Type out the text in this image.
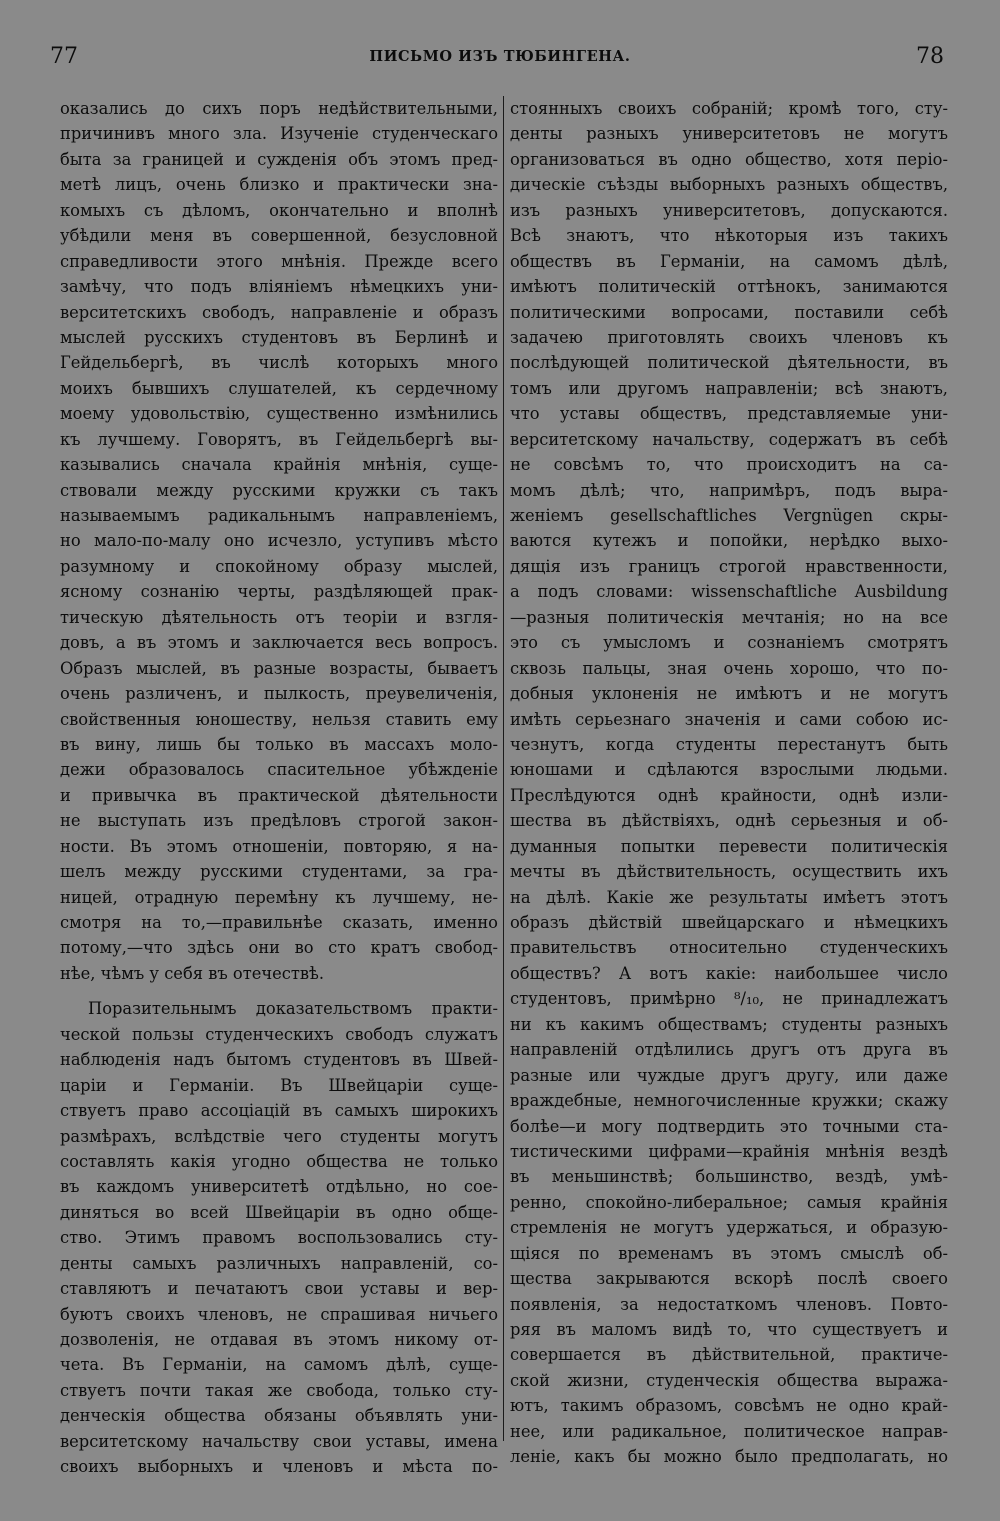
77	ПИСЬМО ИЗЪ ТЮБИНГЕНА.	78
оказались до сихъ поръ недѣйствительными,
причинивъ много зла. Изученіе студенческаго
быта за границей и сужденія объ этомъ пред-
метѣ лицъ, очень близко и практически зна-
комыхъ съ дѣломъ, окончательно и вполнѣ
убѣдили меня въ совершенной, безусловной
справедливости этого мнѣнія. Прежде всего
замѣчу, что подъ вліяніемъ нѣмецкихъ уни-
верситетскихъ свободъ, направленіе и образъ
мыслей русскихъ студентовъ въ Берлинѣ и
Гейдельбергѣ, въ числѣ которыхъ много
моихъ бывшихъ слушателей, къ сердечному
моему удовольствію, существенно измѣнились
къ лучшему. Говорятъ, въ Гейдельбергѣ вы-
казывались сначала крайнія мнѣнія, суще-
ствовали между русскими кружки съ такъ
называемымъ радикальнымъ направленіемъ,
но мало-по-малу оно исчезло, уступивъ мѣсто
разумному и спокойному образу мыслей,
ясному сознанію черты, раздѣляющей прак-
тическую дѣятельность отъ теоріи и взгля-
довъ, а въ этомъ и заключается весь вопросъ.
Образъ мыслей, въ разные возрасты, бываетъ
очень различенъ, и пылкость, преувеличенія,
свойственныя юношеству, нельзя ставить ему
въ вину, лишь бы только въ массахъ моло-
дежи образовалось спасительное убѣжденіе
и привычка въ практической дѣятельности
не выступать изъ предѣловъ строгой закон-
ности. Въ этомъ отношеніи, повторяю, я на-
шелъ между русскими студентами, за гра-
ницей, отрадную перемѣну къ лучшему, не-
смотря на то,—правильнѣе сказать, именно
потому,—что здѣсь они во сто кратъ свобод-
нѣе, чѣмъ у себя въ отечествѣ.
Поразительнымъ доказательствомъ практи-
ческой пользы студенческихъ свободъ служатъ
наблюденія надъ бытомъ студентовъ въ Швей-
царіи и Германіи. Въ Швейцаріи суще-
ствуетъ право ассоціацій въ самыхъ широкихъ
размѣрахъ, вслѣдствіе чего студенты могутъ
составлять какія угодно общества не только
въ каждомъ университетѣ отдѣльно, но сое-
диняться во всей Швейцаріи въ одно обще-
ство. Этимъ правомъ воспользовались сту-
денты самыхъ различныхъ направленій, со-
ставляютъ и печатаютъ свои уставы и вер-
буютъ своихъ членовъ, не спрашивая ничьего
дозволенія, не отдавая въ этомъ никому от-
чета. Въ Германіи, на самомъ дѣлѣ, суще-
ствуетъ почти такая же свобода, только сту-
денческія общества обязаны объявлять уни-
верситетскому начальству свои уставы, имена
своихъ выборныхъ и членовъ и мѣста по-
стоянныхъ своихъ собраній; кромѣ того, сту-
денты разныхъ университетовъ не могутъ
организоваться въ одно общество, хотя періо-
дическіе съѣзды выборныхъ разныхъ обществъ,
изъ разныхъ университетовъ, допускаются.
Всѣ знаютъ, что нѣкоторыя изъ такихъ
обществъ въ Германіи, на самомъ дѣлѣ,
имѣютъ политическій оттѣнокъ, занимаются
политическими вопросами, поставили себѣ
задачею приготовлять своихъ членовъ къ
послѣдующей политической дѣятельности, въ
томъ или другомъ направленіи; всѣ знаютъ,
что уставы обществъ, представляемые уни-
верситетскому начальству, содержатъ въ себѣ
не совсѣмъ то, что происходитъ на са-
момъ дѣлѣ; что, напримѣръ, подъ выра-
женіемъ gesellschaftliches Vergnügen скры-
ваются кутежъ и попойки, нерѣдко выхо-
дящія изъ границъ строгой нравственности,
а подъ словами: wissenschaftliche Ausbildung
—разныя политическія мечтанія; но на все
это съ умысломъ и сознаніемъ смотрятъ
сквозь пальцы, зная очень хорошо, что по-
добныя уклоненія не имѣютъ и не могутъ
имѣть серьезнаго значенія и сами собою ис-
чезнутъ, когда студенты перестанутъ быть
юношами и сдѣлаются взрослыми людьми.
Преслѣдуются однѣ крайности, однѣ изли-
шества въ дѣйствіяхъ, однѣ серьезныя и об-
думанныя попытки перевести политическія
мечты въ дѣйствительность, осуществить ихъ
на дѣлѣ. Какіе же результаты имѣетъ этотъ
образъ дѣйствій швейцарскаго и нѣмецкихъ
правительствъ относительно студенческихъ
обществъ? А вотъ какіе: наибольшее число
студентовъ, примѣрно ⁸/₁₀, не принадлежатъ
ни къ какимъ обществамъ; студенты разныхъ
направленій отдѣлились другъ отъ друга въ
разные или чуждые другъ другу, или даже
враждебные, немногочисленные кружки; скажу
болѣе—и могу подтвердить это точными ста-
тистическими цифрами—крайнія мнѣнія вездѣ
въ меньшинствѣ; большинство, вездѣ, умѣ-
ренно, спокойно-либеральное; самыя крайнія
стремленія не могутъ удержаться, и образую-
щіяся по временамъ въ этомъ смыслѣ об-
щества закрываются вскорѣ послѣ своего
появленія, за недостаткомъ членовъ. Повто-
ряя въ маломъ видѣ то, что существуетъ и
совершается въ дѣйствительной, практиче-
ской жизни, студенческія общества выража-
ютъ, такимъ образомъ, совсѣмъ не одно край-
нее, или радикальное, политическое направ-
леніе, какъ бы можно было предполагать, но
